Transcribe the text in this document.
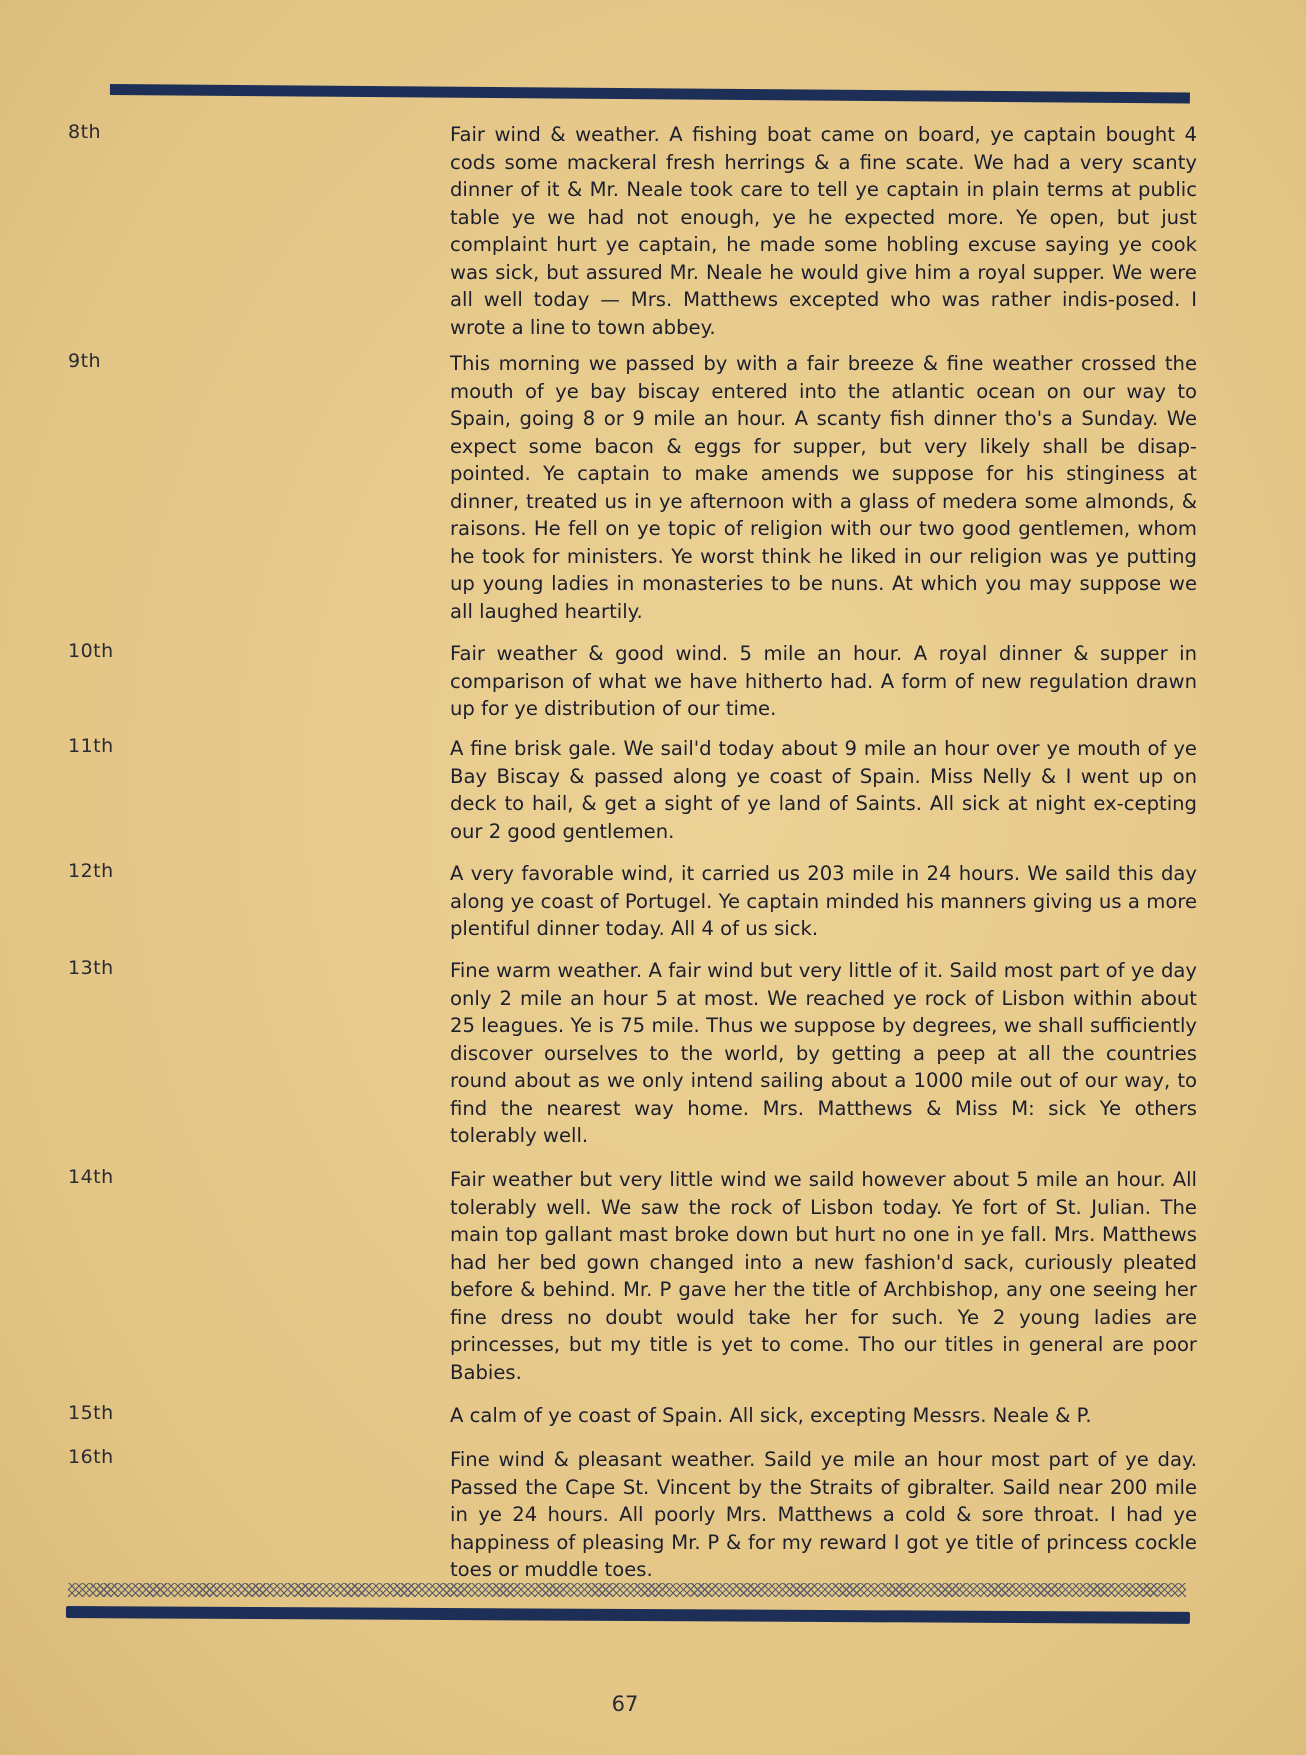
8th	Fair wind & weather. A fishing boat came on board, ye captain bought 4 cods some mackeral fresh herrings & a fine scate. We had a very scanty dinner of it & Mr. Neale took care to tell ye captain in plain terms at public table ye we had not enough, ye he expected more. Ye open, but just complaint hurt ye captain, he made some hobling excuse saying ye cook was sick, but assured Mr. Neale he would give him a royal supper. We were all well today — Mrs. Matthews excepted who was rather indis-posed. I wrote a line to town abbey.
9th	This morning we passed by with a fair breeze & fine weather crossed the mouth of ye bay biscay entered into the atlantic ocean on our way to Spain, going 8 or 9 mile an hour. A scanty fish dinner tho's a Sunday. We expect some bacon & eggs for supper, but very likely shall be disap-pointed. Ye captain to make amends we suppose for his stinginess at dinner, treated us in ye afternoon with a glass of medera some almonds, & raisons. He fell on ye topic of religion with our two good gentlemen, whom he took for ministers. Ye worst think he liked in our religion was ye putting up young ladies in monasteries to be nuns. At which you may suppose we all laughed heartily.
10th	Fair weather & good wind. 5 mile an hour. A royal dinner & supper in comparison of what we have hitherto had. A form of new regulation drawn up for ye distribution of our time.
11th	A fine brisk gale. We sail'd today about 9 mile an hour over ye mouth of ye Bay Biscay & passed along ye coast of Spain. Miss Nelly & I went up on deck to hail, & get a sight of ye land of Saints. All sick at night ex-cepting our 2 good gentlemen.
12th	A very favorable wind, it carried us 203 mile in 24 hours. We saild this day along ye coast of Portugel. Ye captain minded his manners giving us a more plentiful dinner today. All 4 of us sick.
13th	Fine warm weather. A fair wind but very little of it. Saild most part of ye day only 2 mile an hour 5 at most. We reached ye rock of Lisbon within about 25 leagues. Ye is 75 mile. Thus we suppose by degrees, we shall sufficiently discover ourselves to the world, by getting a peep at all the countries round about as we only intend sailing about a 1000 mile out of our way, to find the nearest way home. Mrs. Matthews & Miss M: sick Ye others tolerably well.
14th	Fair weather but very little wind we saild however about 5 mile an hour. All tolerably well. We saw the rock of Lisbon today. Ye fort of St. Julian. The main top gallant mast broke down but hurt no one in ye fall. Mrs. Matthews had her bed gown changed into a new fashion'd sack, curiously pleated before & behind. Mr. P gave her the title of Archbishop, any one seeing her fine dress no doubt would take her for such. Ye 2 young ladies are princesses, but my title is yet to come. Tho our titles in general are poor Babies.
15th	A calm of ye coast of Spain. All sick, excepting Messrs. Neale & P.
16th	Fine wind & pleasant weather. Saild ye mile an hour most part of ye day. Passed the Cape St. Vincent by the Straits of gibralter. Saild near 200 mile in ye 24 hours. All poorly Mrs. Matthews a cold & sore throat. I had ye happiness of pleasing Mr. P & for my reward I got ye title of princess cockle toes or muddle toes.
67
